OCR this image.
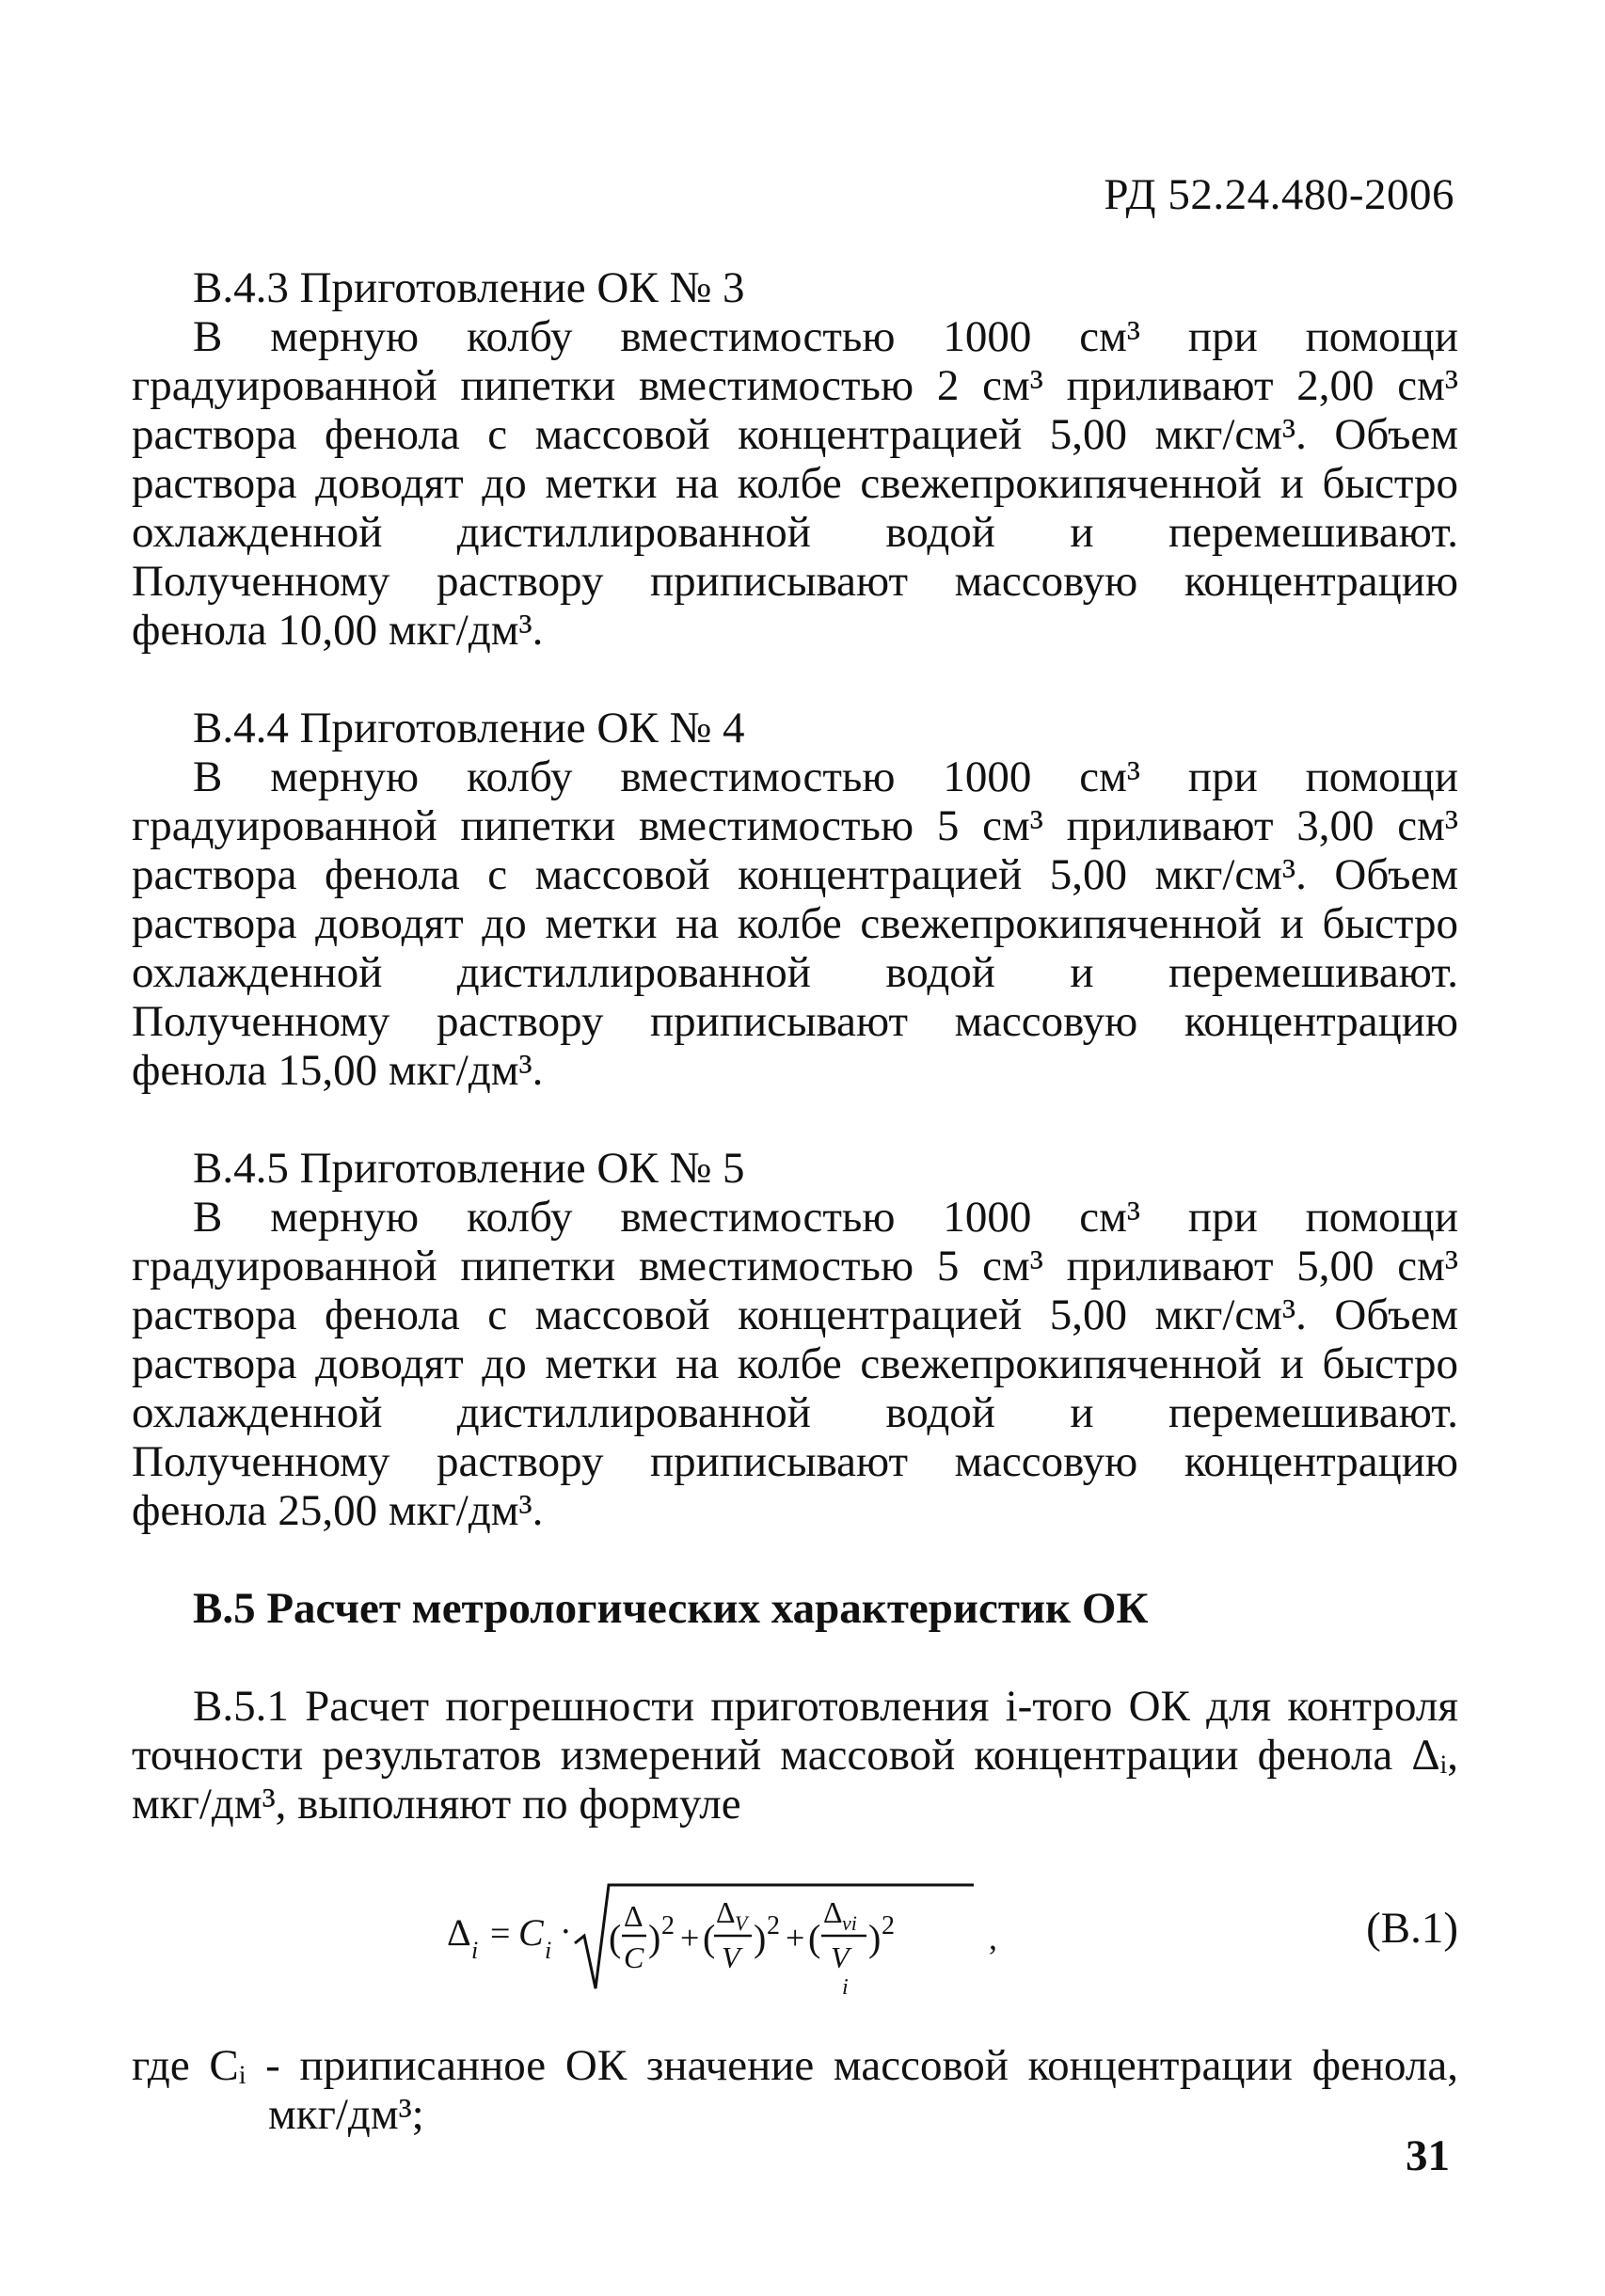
РД 52.24.480-2006

В.4.3 Приготовление ОК № 3

В мерную колбу вместимостью 1000 см³ при помощи градуированной пипетки вместимостью 2 см³ приливают 2,00 см³ раствора фенола с массовой концентрацией 5,00 мкг/см³. Объем раствора доводят до метки на колбе свежепрокипяченной и быстро охлажденной дистиллированной водой и перемешивают. Полученному раствору приписывают массовую концентрацию фенола 10,00 мкг/дм³.

В.4.4 Приготовление ОК № 4

В мерную колбу вместимостью 1000 см³ при помощи градуированной пипетки вместимостью 5 см³ приливают 3,00 см³ раствора фенола с массовой концентрацией 5,00 мкг/см³. Объем раствора доводят до метки на колбе свежепрокипяченной и быстро охлажденной дистиллированной водой и перемешивают. Полученному раствору приписывают массовую концентрацию фенола 15,00 мкг/дм³.

В.4.5 Приготовление ОК № 5

В мерную колбу вместимостью 1000 см³ при помощи градуированной пипетки вместимостью 5 см³ приливают 5,00 см³ раствора фенола с массовой концентрацией 5,00 мкг/см³. Объем раствора доводят до метки на колбе свежепрокипяченной и быстро охлажденной дистиллированной водой и перемешивают. Полученному раствору приписывают массовую концентрацию фенола 25,00 мкг/дм³.

В.5 Расчет метрологических характеристик ОК

В.5.1 Расчет погрешности приготовления i-того ОК для контроля точности результатов измерений массовой концентрации фенола Δᵢ, мкг/дм³, выполняют по формуле

Δ i = C i · (
Δ
C ) 2 + (
Δ V
V ) 2 + (
Δ vi
V
i
) 2	,	(В.1)

где Cᵢ - приписанное ОК значение массовой концентрации фенола, мкг/дм³;

31
